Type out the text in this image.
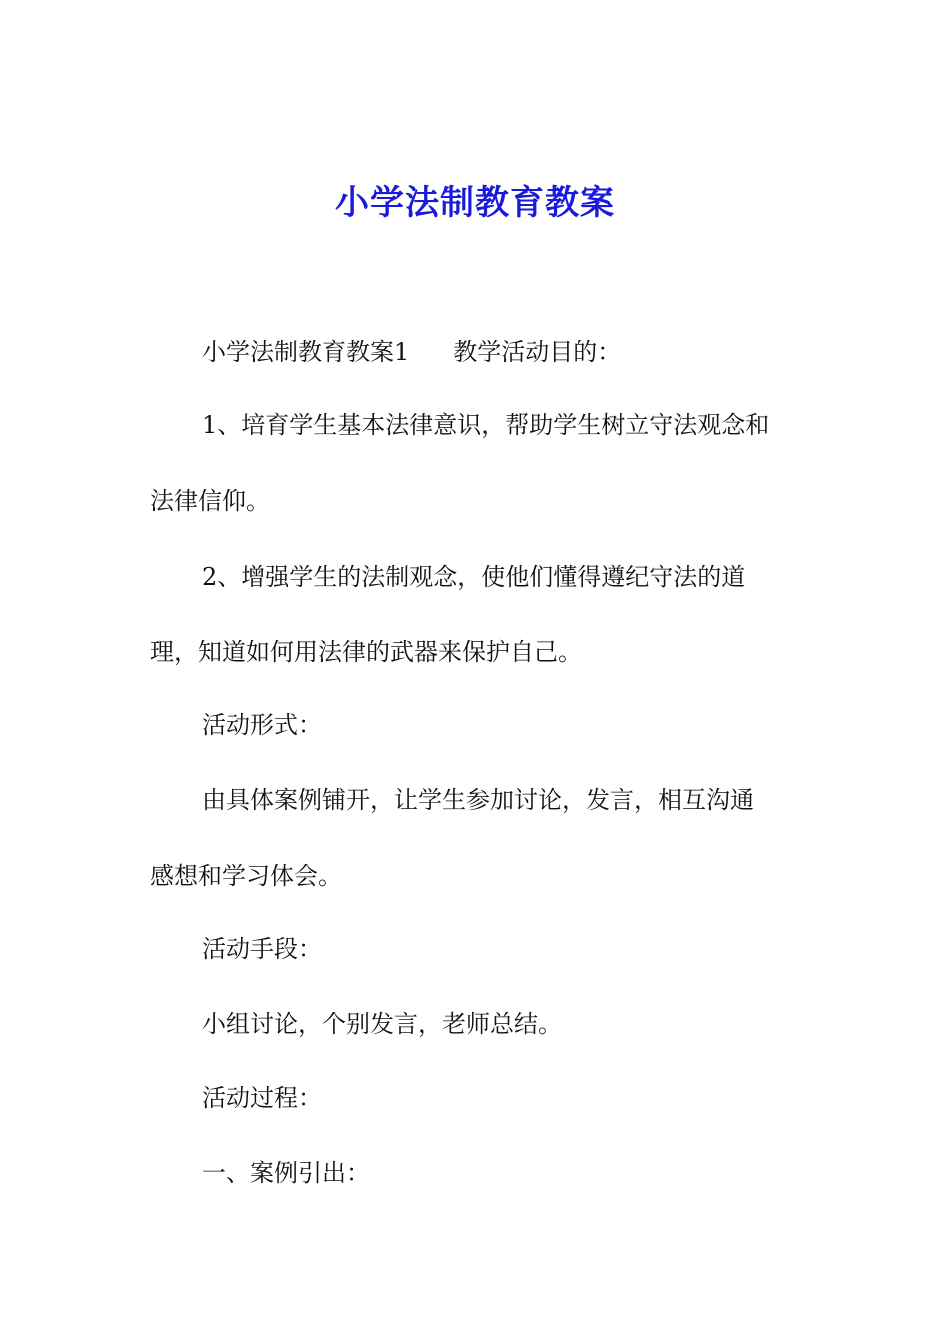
小学法制教育教案
小学法制教育教案1 教学活动目的：
1、培育学生基本法律意识，帮助学生树立守法观念和
法律信仰。
2、增强学生的法制观念，使他们懂得遵纪守法的道
理，知道如何用法律的武器来保护自己。
活动形式：
由具体案例铺开，让学生参加讨论，发言，相互沟通
感想和学习体会。
活动手段：
小组讨论，个别发言，老师总结。
活动过程：
一、案例引出：
